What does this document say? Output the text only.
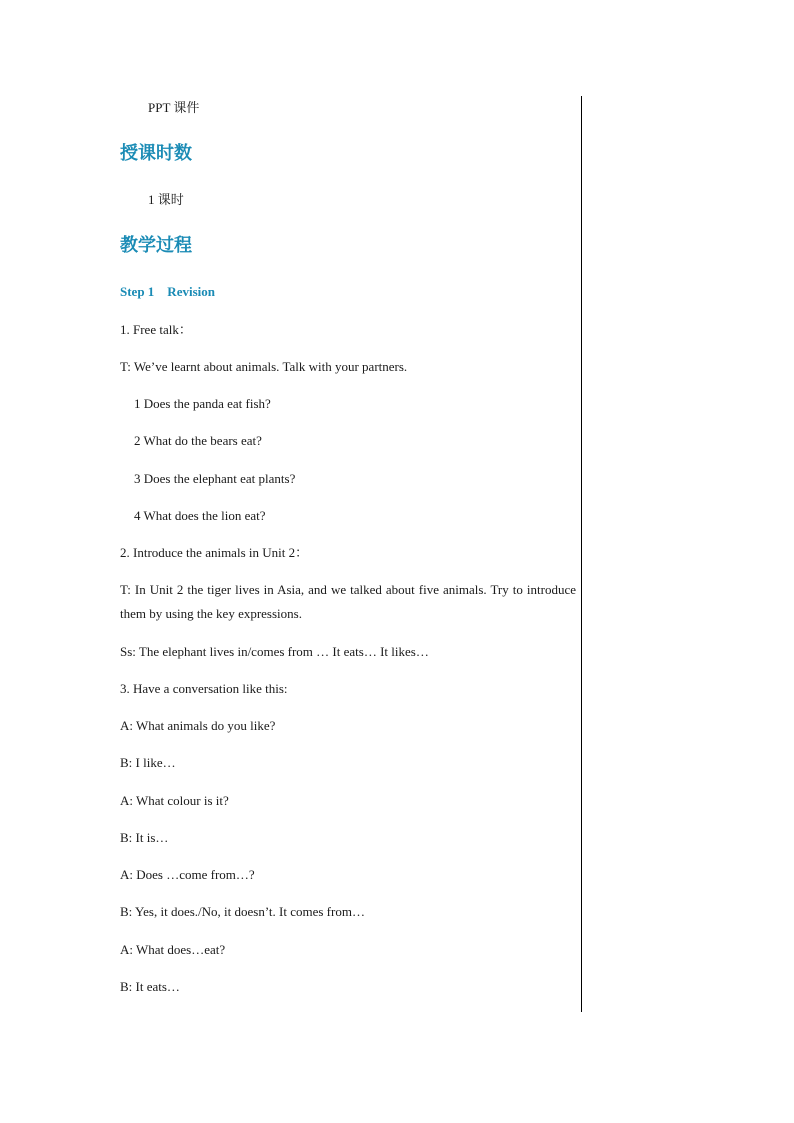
PPT 课件
授课时数
1 课时
教学过程
Step 1    Revision
1. Free talk：
T: We’ve learnt about animals. Talk with your partners.
1 Does the panda eat fish?
2 What do the bears eat?
3 Does the elephant eat plants?
4 What does the lion eat?
2. Introduce the animals in Unit 2：
T: In Unit 2 the tiger lives in Asia, and we talked about five animals. Try to introduce them by using the key expressions.
Ss: The elephant lives in/comes from … It eats… It likes…
3. Have a conversation like this:
A: What animals do you like?
B: I like…
A: What colour is it?
B: It is…
A: Does …come from…?
B: Yes, it does./No, it doesn’t. It comes from…
A: What does…eat?
B: It eats…
